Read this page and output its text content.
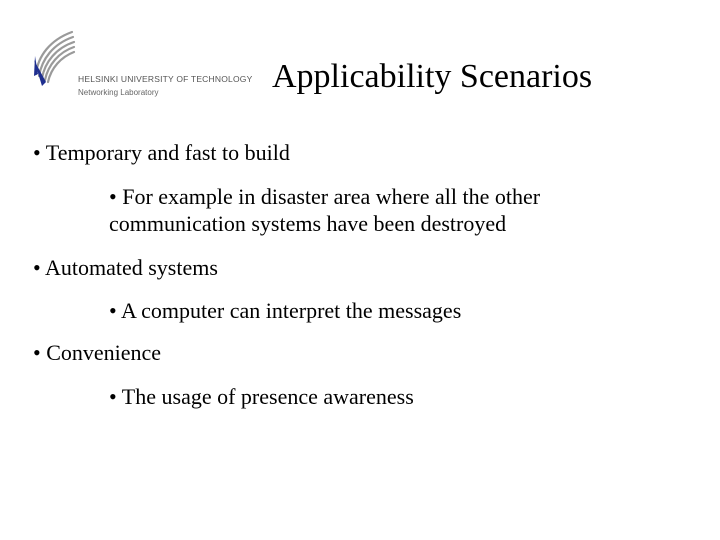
HELSINKI UNIVERSITY OF TECHNOLOGY
Networking Laboratory	Applicability Scenarios
• Temporary and fast to build
• For example in disaster area where all the other communication systems have been destroyed
• Automated systems
• A computer can interpret the messages
• Convenience
• The usage of presence awareness
